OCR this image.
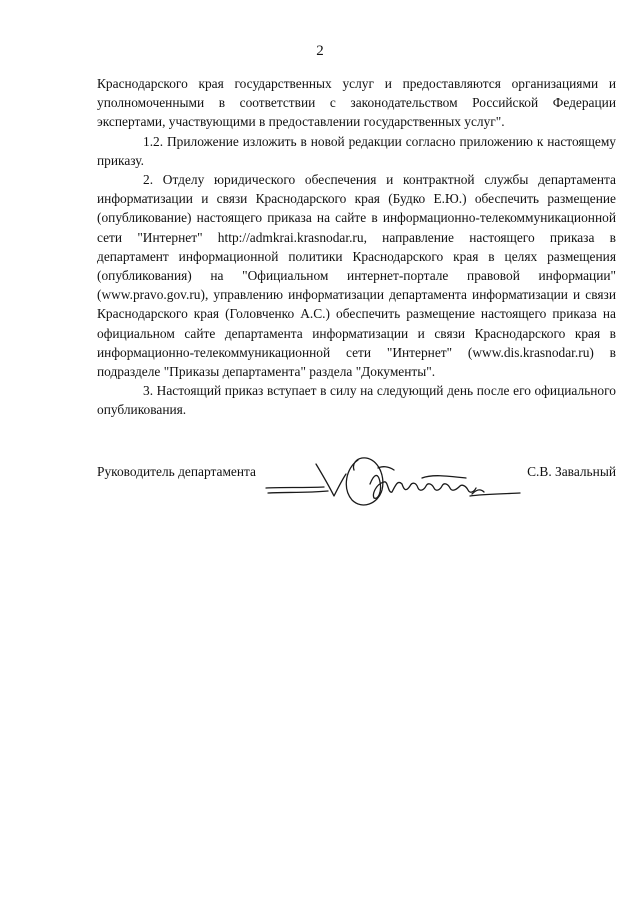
2

Краснодарского края государственных услуг и предоставляются организациями и уполномоченными в соответствии с законодательством Российской Федерации экспертами, участвующими в предоставлении государственных услуг".

1.2. Приложение изложить в новой редакции согласно приложению к настоящему приказу.

2. Отделу юридического обеспечения и контрактной службы департамента информатизации и связи Краснодарского края (Будко Е.Ю.) обеспечить размещение (опубликование) настоящего приказа на сайте в информационно-телекоммуникационной сети "Интернет" http://admkrai.krasnodar.ru, направление настоящего приказа в департамент информационной политики Краснодарского края в целях размещения (опубликования) на "Официальном интернет-портале правовой информации" (www.pravo.gov.ru), управлению информатизации департамента информатизации и связи Краснодарского края (Головченко А.С.) обеспечить размещение настоящего приказа на официальном сайте департамента информатизации и связи Краснодарского края в информационно-телекоммуникационной сети "Интернет" (www.dis.krasnodar.ru) в подразделе "Приказы департамента" раздела "Документы".

3. Настоящий приказ вступает в силу на следующий день после его официального опубликования.

Руководитель департамента	С.В. Завальный
